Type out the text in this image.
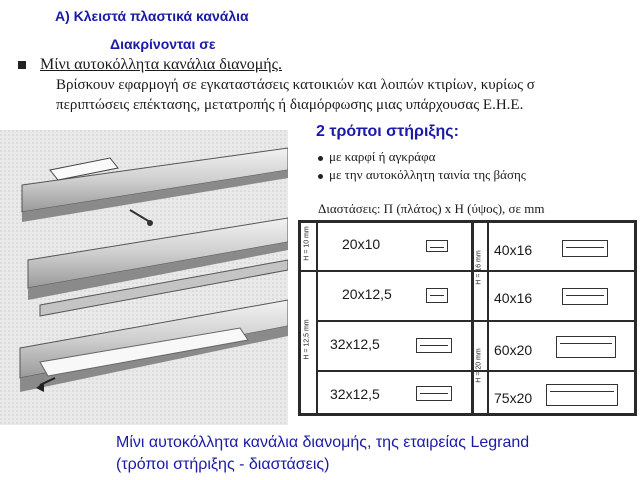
Α) Κλειστά πλαστικά κανάλια
Διακρίνονται σε
Μίνι αυτοκόλλητα κανάλια διανομής.
Βρίσκουν εφαρμογή σε εγκαταστάσεις κατοικιών και λοιπών κτιρίων, κυρίως σ
περιπτώσεις επέκτασης, μετατροπής ή διαμόρφωσης μιας υπάρχουσας Ε.Η.Ε.
2 τρόποι στήριξης:
με καρφί ή αγκράφα
με την αυτοκόλλητη ταινία της βάσης
Διαστάσεις: Π (πλάτος) x Η (ύψος), σε mm
H = 10 mm
H = 12,5 mm
H = 16 mm
H = 20 mm
20x10
20x12,5
32x12,5
32x12,5
40x16
40x16
60x20
75x20
Μίνι αυτοκόλλητα κανάλια διανομής, της εταιρείας Legrand
(τρόποι στήριξης - διαστάσεις)
